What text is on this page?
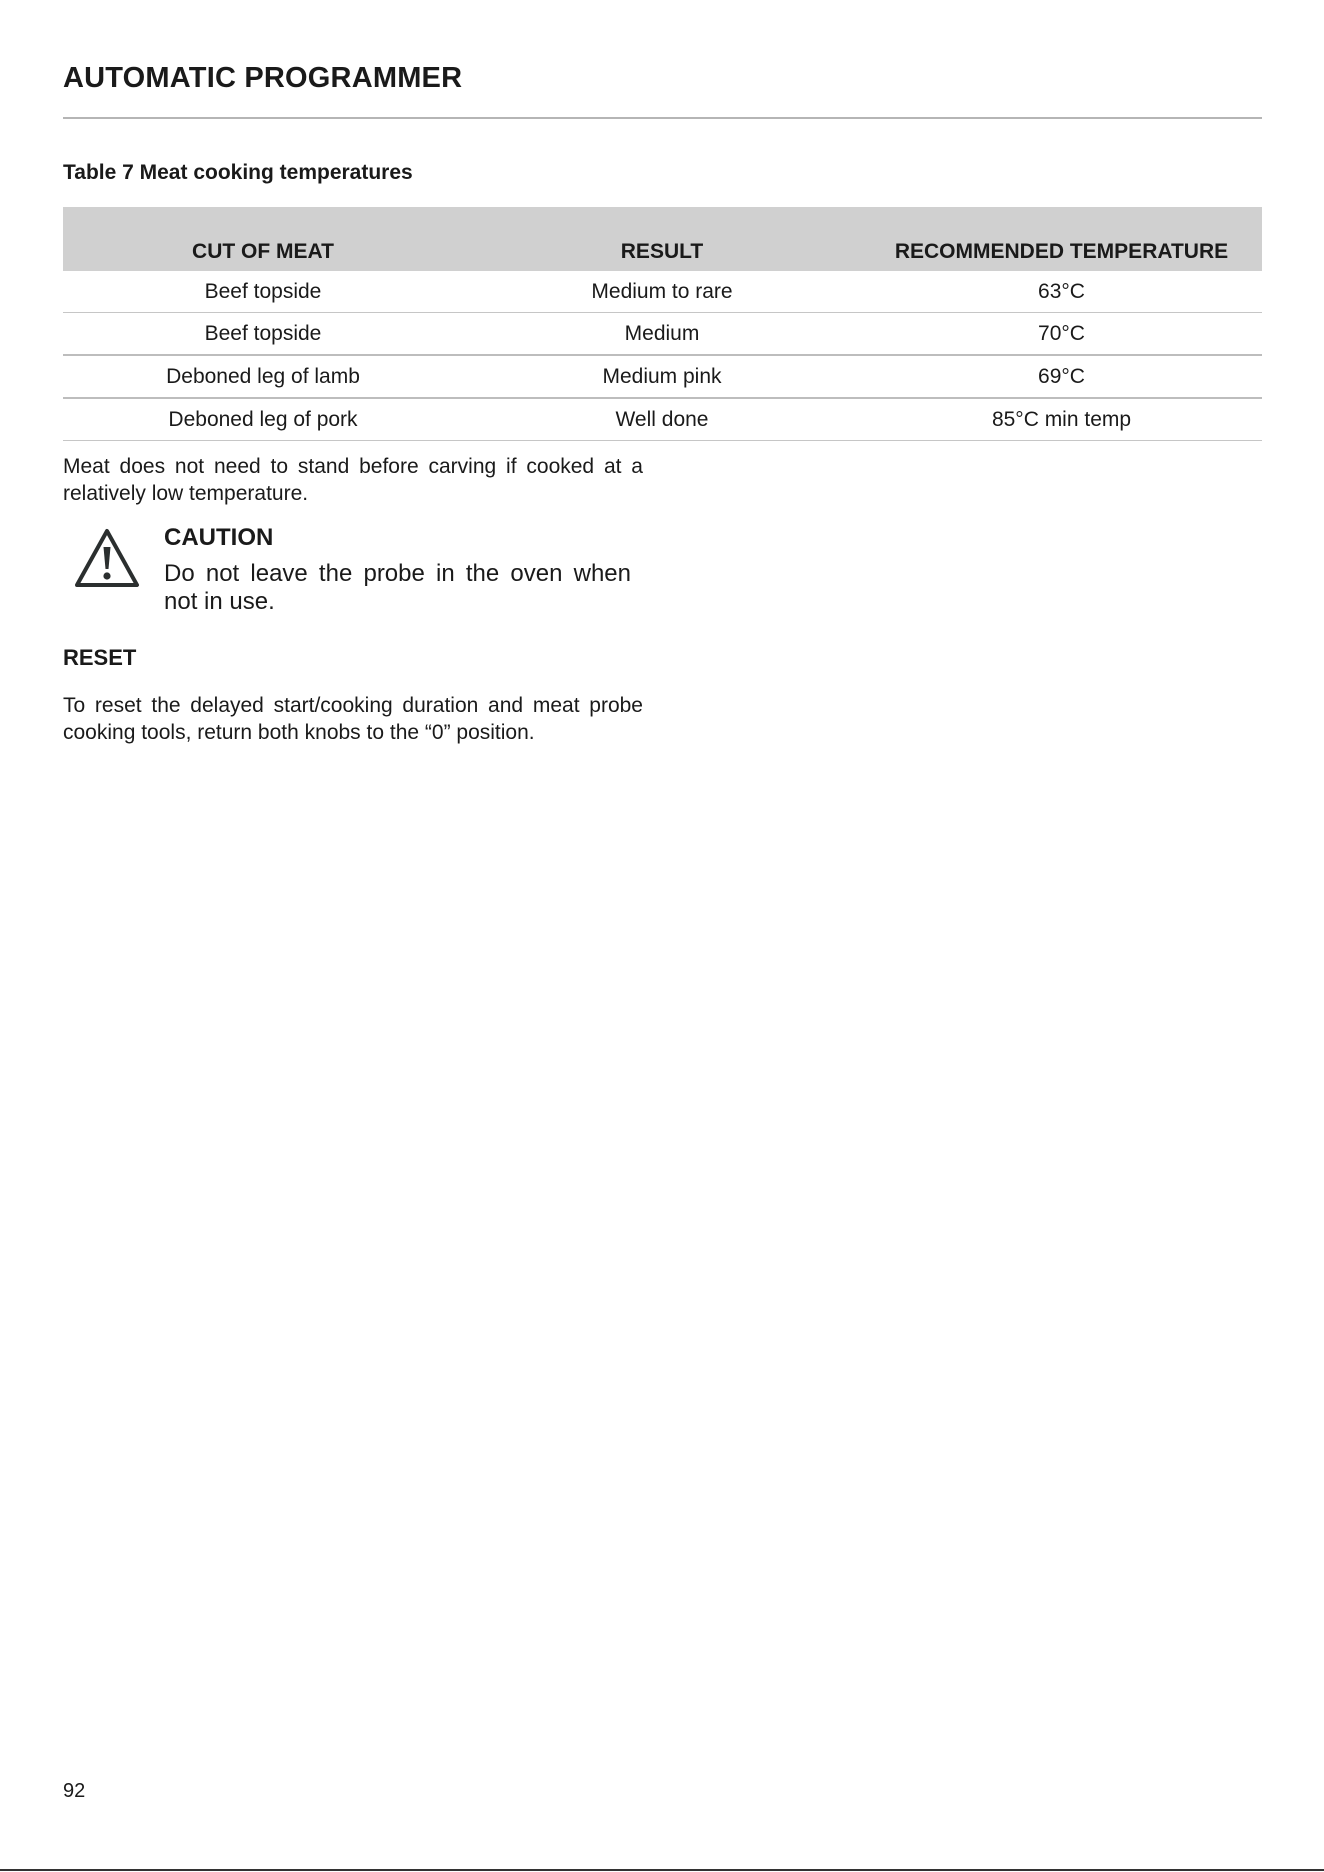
AUTOMATIC PROGRAMMER
Table 7 Meat cooking temperatures
CUT OF MEAT	RESULT	RECOMMENDED TEMPERATURE
Beef topside	Medium to rare	63°C
Beef topside	Medium	70°C
Deboned leg of lamb	Medium pink	69°C
Deboned leg of pork	Well done	85°C min temp
Meat does not need to stand before carving if cooked at a relatively low temperature.
CAUTION
Do not leave the probe in the oven when not in use.
RESET
To reset the delayed start/cooking duration and meat probe cooking tools, return both knobs to the “0” position.
92
